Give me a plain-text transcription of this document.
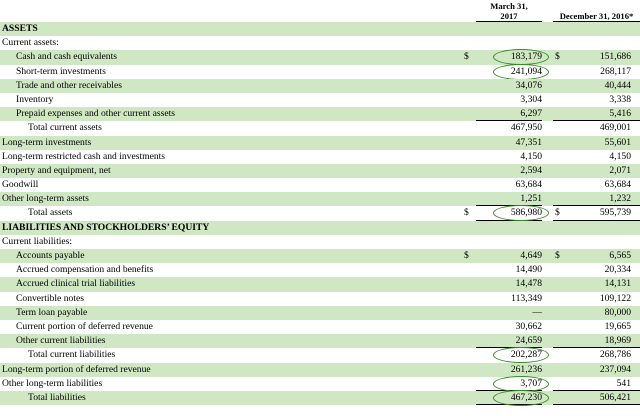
March 31,
2017	December 31, 2016*
ASSETS
Current assets:
Cash and cash equivalents	$	183,179 $	151,686
Short-term investments	241,094	268,117
Trade and other receivables	34,076	40,444
Inventory	3,304	3,338
Prepaid expenses and other current assets	6,297	5,416
Total current assets	467,950	469,001
Long-term investments	47,351	55,601
Long-term restricted cash and investments	4,150	4,150
Property and equipment, net	2,594	2,071
Goodwill	63,684	63,684
Other long-term assets	1,251	1,232
Total assets	$	586,980 $	595,739
LIABILITIES AND STOCKHOLDERS’ EQUITY
Current liabilities:
Accounts payable	$	4,649 $	6,565
Accrued compensation and benefits	14,490	20,334
Accrued clinical trial liabilities	14,478	14,131
Convertible notes	113,349	109,122
Term loan payable	—	80,000
Current portion of deferred revenue	30,662	19,665
Other current liabilities	24,659	18,969
Total current liabilities	202,287	268,786
Long-term portion of deferred revenue	261,236	237,094
Other long-term liabilities	3,707	541
Total liabilities	467,230	506,421
